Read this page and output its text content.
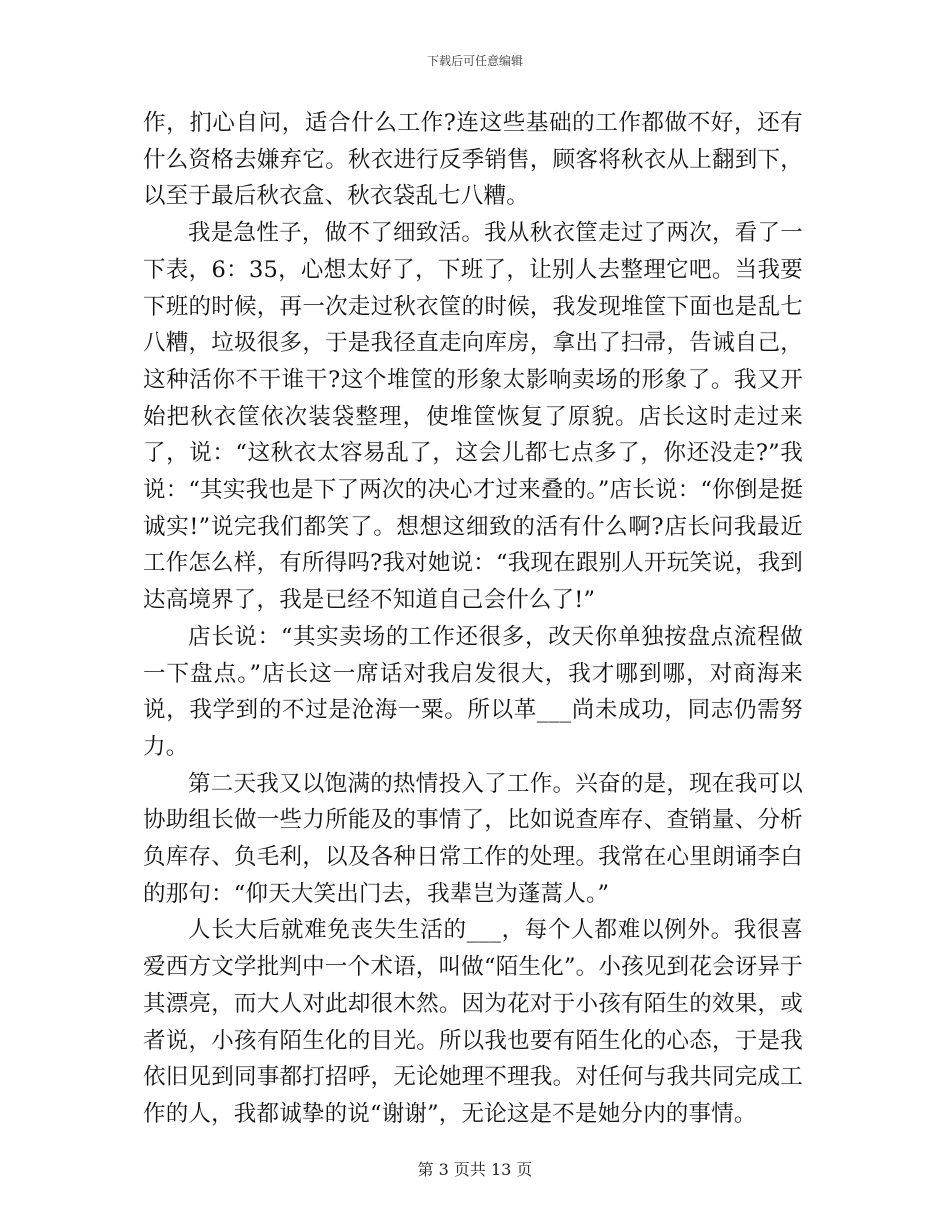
下载后可任意编辑

作，扪心自问，适合什么工作?连这些基础的工作都做不好，还有什么资格去嫌弃它。秋衣进行反季销售，顾客将秋衣从上翻到下，以至于最后秋衣盒、秋衣袋乱七八糟。

我是急性子，做不了细致活。我从秋衣筐走过了两次，看了一下表，6：35，心想太好了，下班了，让别人去整理它吧。当我要下班的时候，再一次走过秋衣筐的时候，我发现堆筐下面也是乱七八糟，垃圾很多，于是我径直走向库房，拿出了扫帚，告诫自己，这种活你不干谁干?这个堆筐的形象太影响卖场的形象了。我又开始把秋衣筐依次装袋整理，使堆筐恢复了原貌。店长这时走过来了，说：“这秋衣太容易乱了，这会儿都七点多了，你还没走?”我说：“其实我也是下了两次的决心才过来叠的。”店长说：“你倒是挺诚实!”说完我们都笑了。想想这细致的活有什么啊?店长问我最近工作怎么样，有所得吗?我对她说：“我现在跟别人开玩笑说，我到达高境界了，我是已经不知道自己会什么了!”

店长说：“其实卖场的工作还很多，改天你单独按盘点流程做一下盘点。”店长这一席话对我启发很大，我才哪到哪，对商海来说，我学到的不过是沧海一粟。所以革___尚未成功，同志仍需努力。

第二天我又以饱满的热情投入了工作。兴奋的是，现在我可以协助组长做一些力所能及的事情了，比如说查库存、查销量、分析负库存、负毛利，以及各种日常工作的处理。我常在心里朗诵李白的那句：“仰天大笑出门去，我辈岂为蓬蒿人。”

人长大后就难免丧失生活的___，每个人都难以例外。我很喜爱西方文学批判中一个术语，叫做“陌生化”。小孩见到花会讶异于其漂亮，而大人对此却很木然。因为花对于小孩有陌生的效果，或者说，小孩有陌生化的目光。所以我也要有陌生化的心态，于是我依旧见到同事都打招呼，无论她理不理我。对任何与我共同完成工作的人，我都诚挚的说“谢谢”，无论这是不是她分内的事情。

第 3 页共 13 页
